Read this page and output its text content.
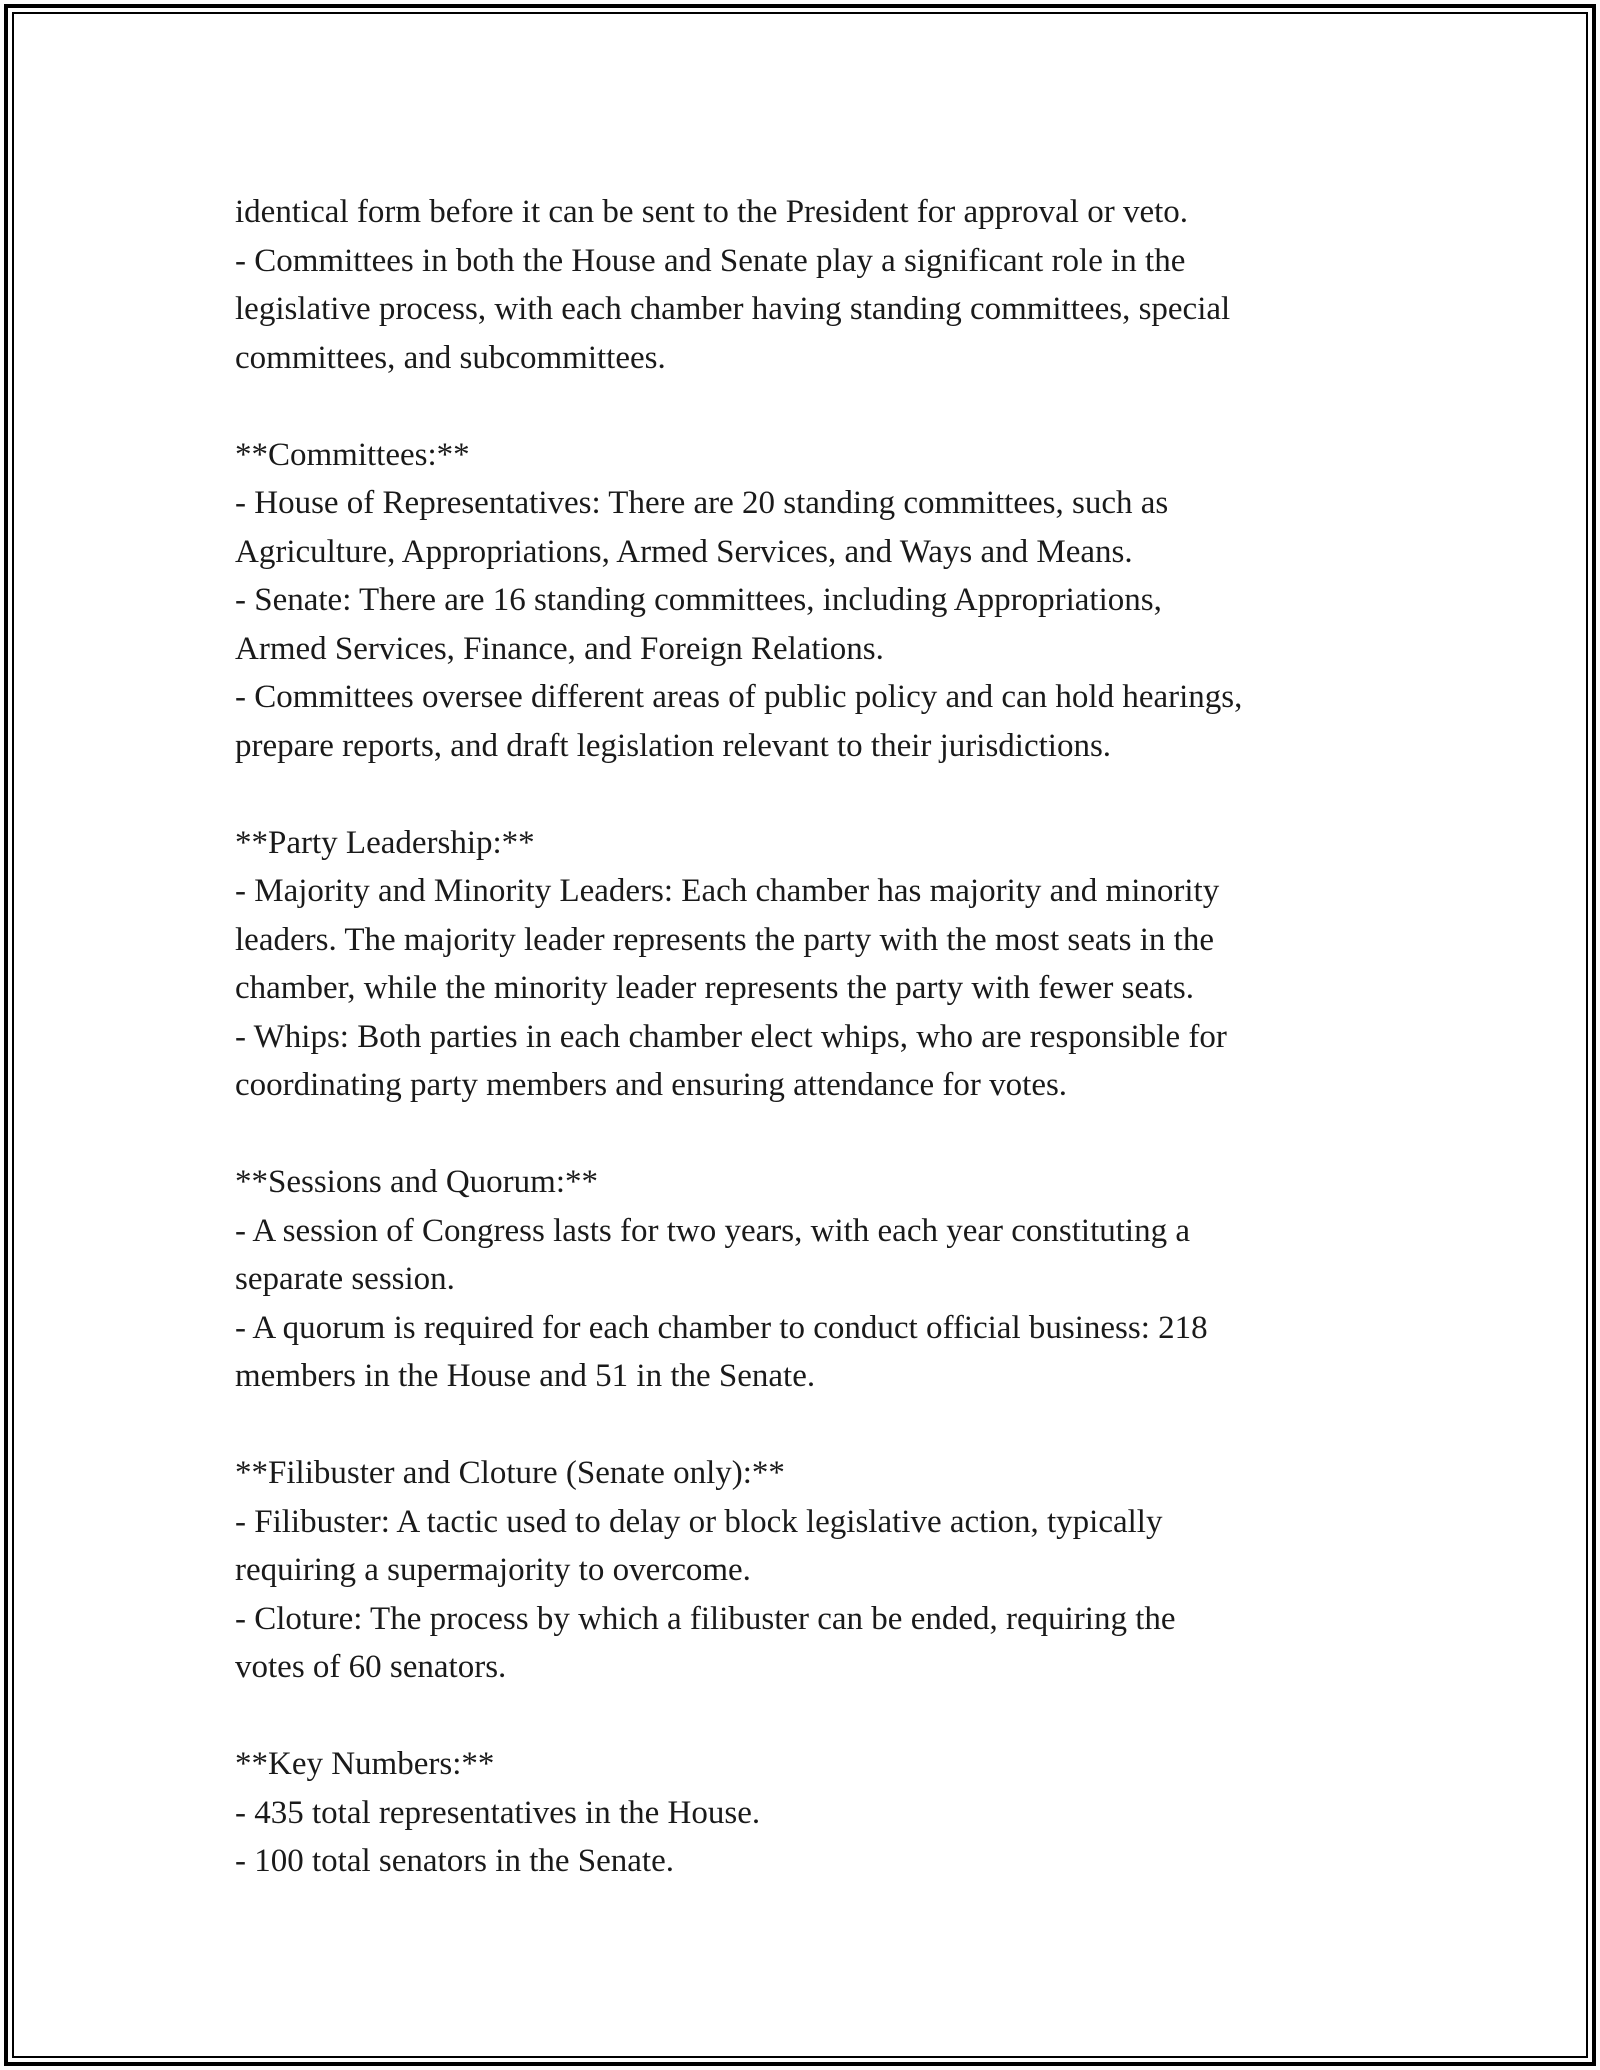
identical form before it can be sent to the President for approval or veto.

- Committees in both the House and Senate play a significant role in the

legislative process, with each chamber having standing committees, special

committees, and subcommittees.

**Committees:**

- House of Representatives: There are 20 standing committees, such as

Agriculture, Appropriations, Armed Services, and Ways and Means.

- Senate: There are 16 standing committees, including Appropriations,

Armed Services, Finance, and Foreign Relations.

- Committees oversee different areas of public policy and can hold hearings,

prepare reports, and draft legislation relevant to their jurisdictions.

**Party Leadership:**

- Majority and Minority Leaders: Each chamber has majority and minority

leaders. The majority leader represents the party with the most seats in the

chamber, while the minority leader represents the party with fewer seats.

- Whips: Both parties in each chamber elect whips, who are responsible for

coordinating party members and ensuring attendance for votes.

**Sessions and Quorum:**

- A session of Congress lasts for two years, with each year constituting a

separate session.

- A quorum is required for each chamber to conduct official business: 218

members in the House and 51 in the Senate.

**Filibuster and Cloture (Senate only):**

- Filibuster: A tactic used to delay or block legislative action, typically

requiring a supermajority to overcome.

- Cloture: The process by which a filibuster can be ended, requiring the

votes of 60 senators.

**Key Numbers:**

- 435 total representatives in the House.

- 100 total senators in the Senate.
